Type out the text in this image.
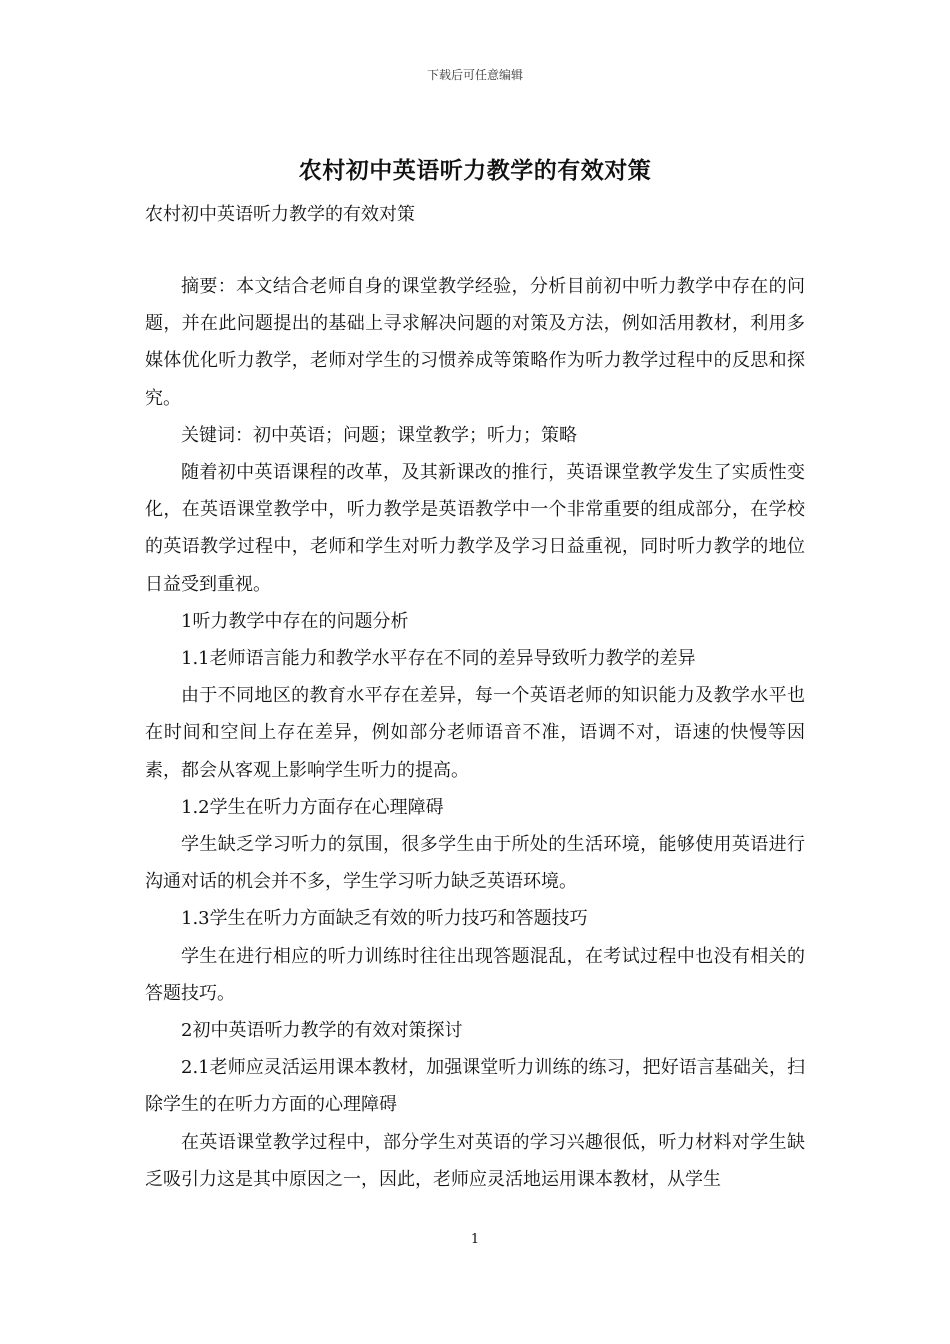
下载后可任意编辑
农村初中英语听力教学的有效对策

农村初中英语听力教学的有效对策

摘要：本文结合老师自身的课堂教学经验，分析目前初中听力教学中存在的问题，并在此问题提出的基础上寻求解决问题的对策及方法，例如活用教材，利用多媒体优化听力教学，老师对学生的习惯养成等策略作为听力教学过程中的反思和探究。

关键词：初中英语；问题；课堂教学；听力；策略

随着初中英语课程的改革，及其新课改的推行，英语课堂教学发生了实质性变化，在英语课堂教学中，听力教学是英语教学中一个非常重要的组成部分，在学校的英语教学过程中，老师和学生对听力教学及学习日益重视，同时听力教学的地位日益受到重视。

1听力教学中存在的问题分析

1.1老师语言能力和教学水平存在不同的差异导致听力教学的差异

由于不同地区的教育水平存在差异，每一个英语老师的知识能力及教学水平也在时间和空间上存在差异，例如部分老师语音不准，语调不对，语速的快慢等因素，都会从客观上影响学生听力的提高。

1.2学生在听力方面存在心理障碍

学生缺乏学习听力的氛围，很多学生由于所处的生活环境，能够使用英语进行沟通对话的机会并不多，学生学习听力缺乏英语环境。

1.3学生在听力方面缺乏有效的听力技巧和答题技巧

学生在进行相应的听力训练时往往出现答题混乱，在考试过程中也没有相关的答题技巧。

2初中英语听力教学的有效对策探讨

2.1老师应灵活运用课本教材，加强课堂听力训练的练习，把好语言基础关，扫除学生的在听力方面的心理障碍

在英语课堂教学过程中，部分学生对英语的学习兴趣很低，听力材料对学生缺乏吸引力这是其中原因之一，因此，老师应灵活地运用课本教材，从学生

1
